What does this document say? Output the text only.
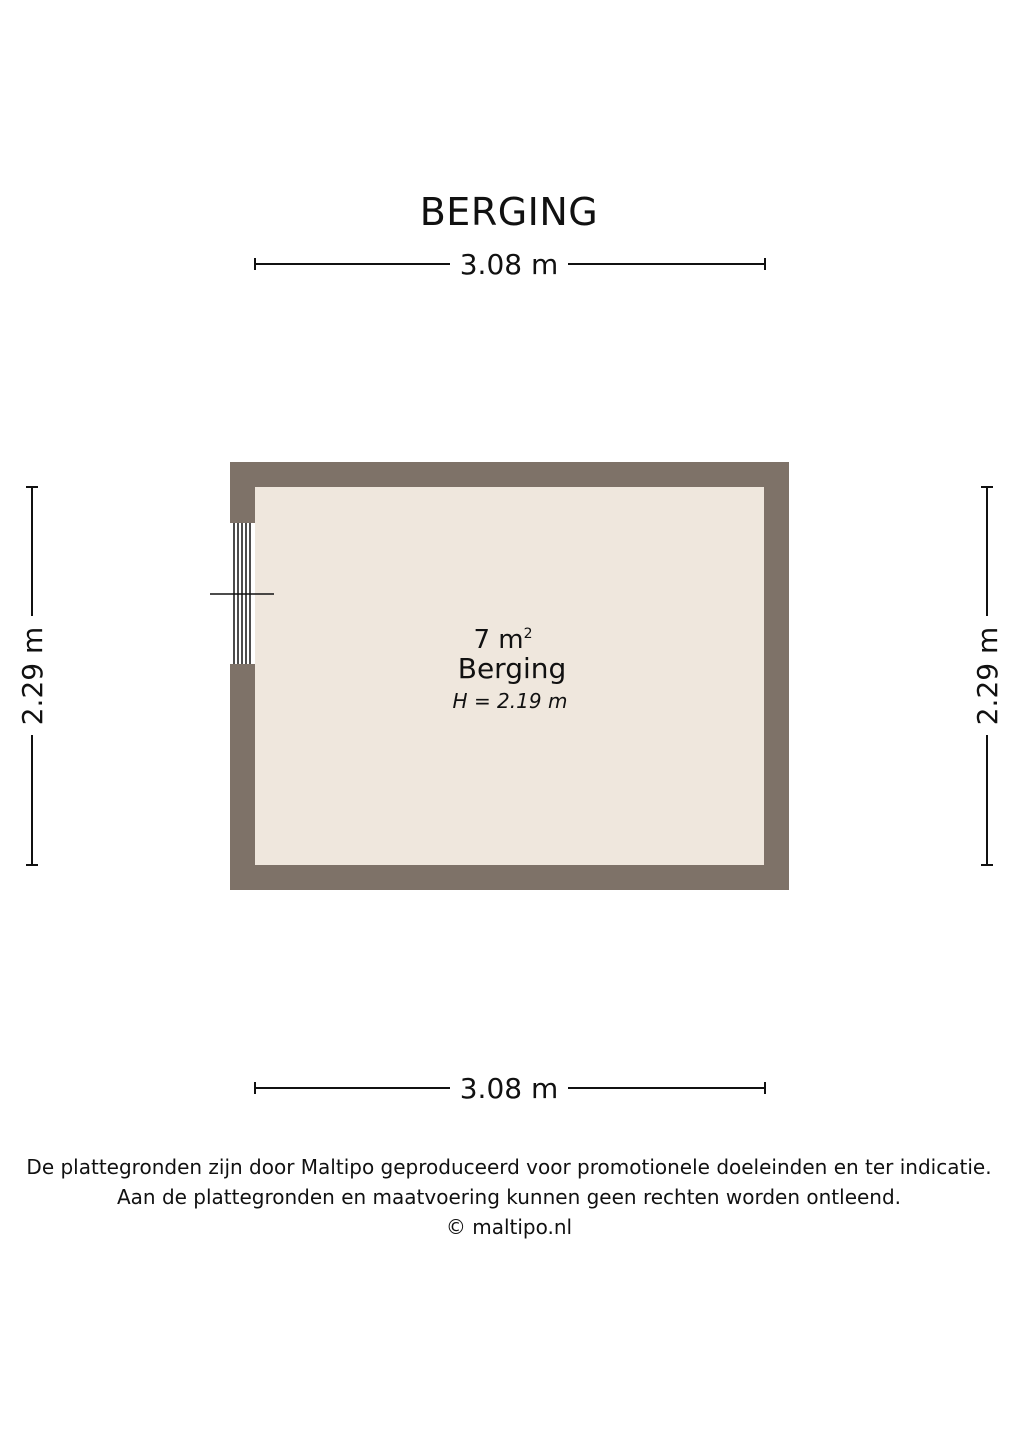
BERGING
3.08 m
3.08 m
2.29 m	2.29 m
7 $m^2$
Berging
H = 2.19 m
De plattegronden zijn door Maltipo geproduceerd voor promotionele doeleinden en ter indicatie.
Aan de plattegronden en maatvoering kunnen geen rechten worden ontleend.
© maltipo.nl
